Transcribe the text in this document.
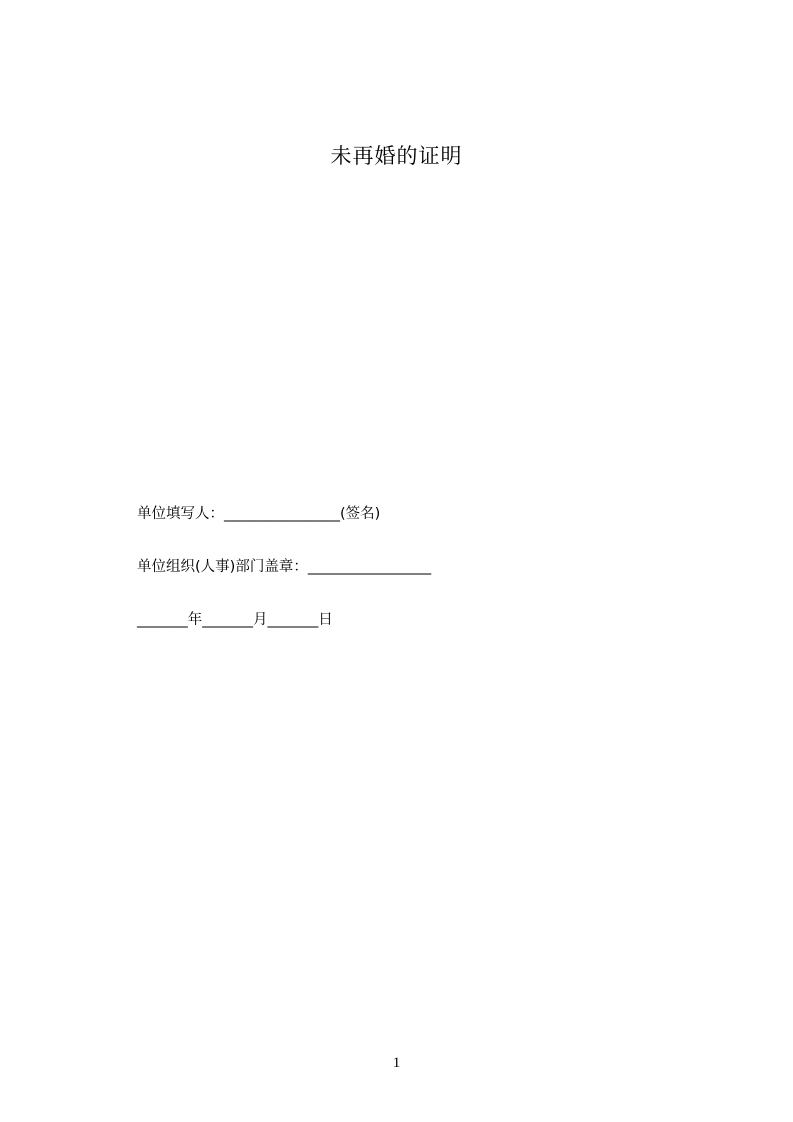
未再婚的证明
单位填写人：________________(签名)
单位组织(人事)部门盖章：_________________
_______年_______月_______日
1
